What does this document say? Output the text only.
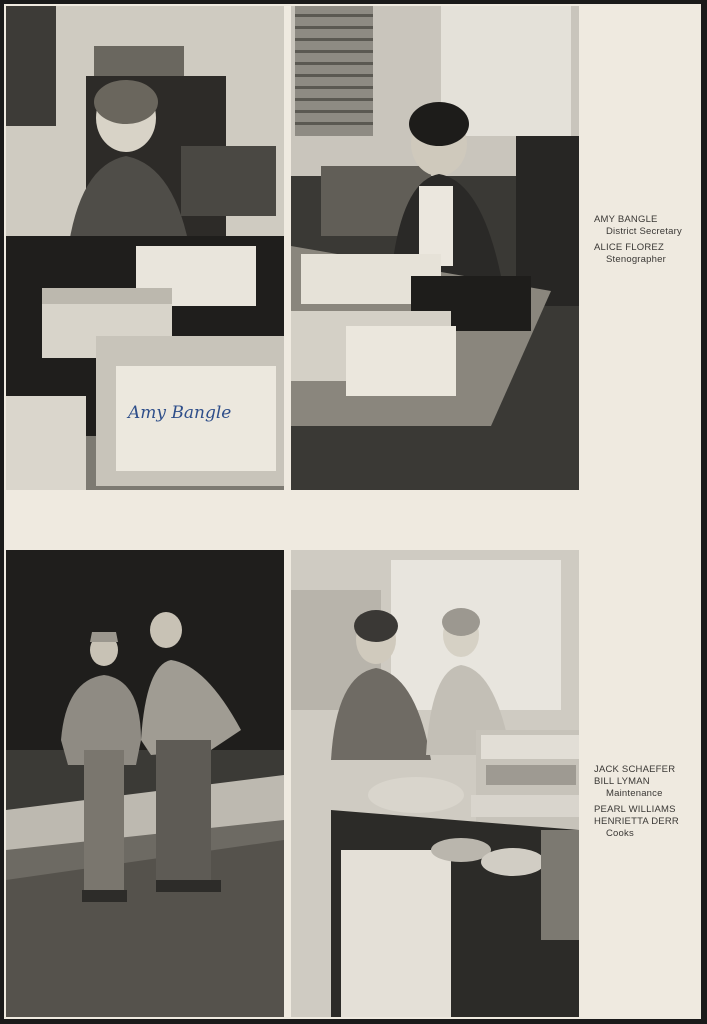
Amy Bangle
AMY BANGLE
District Secretary
ALICE FLOREZ
Stenographer
JACK SCHAEFER
BILL LYMAN
Maintenance
PEARL WILLIAMS
HENRIETTA DERR
Cooks
